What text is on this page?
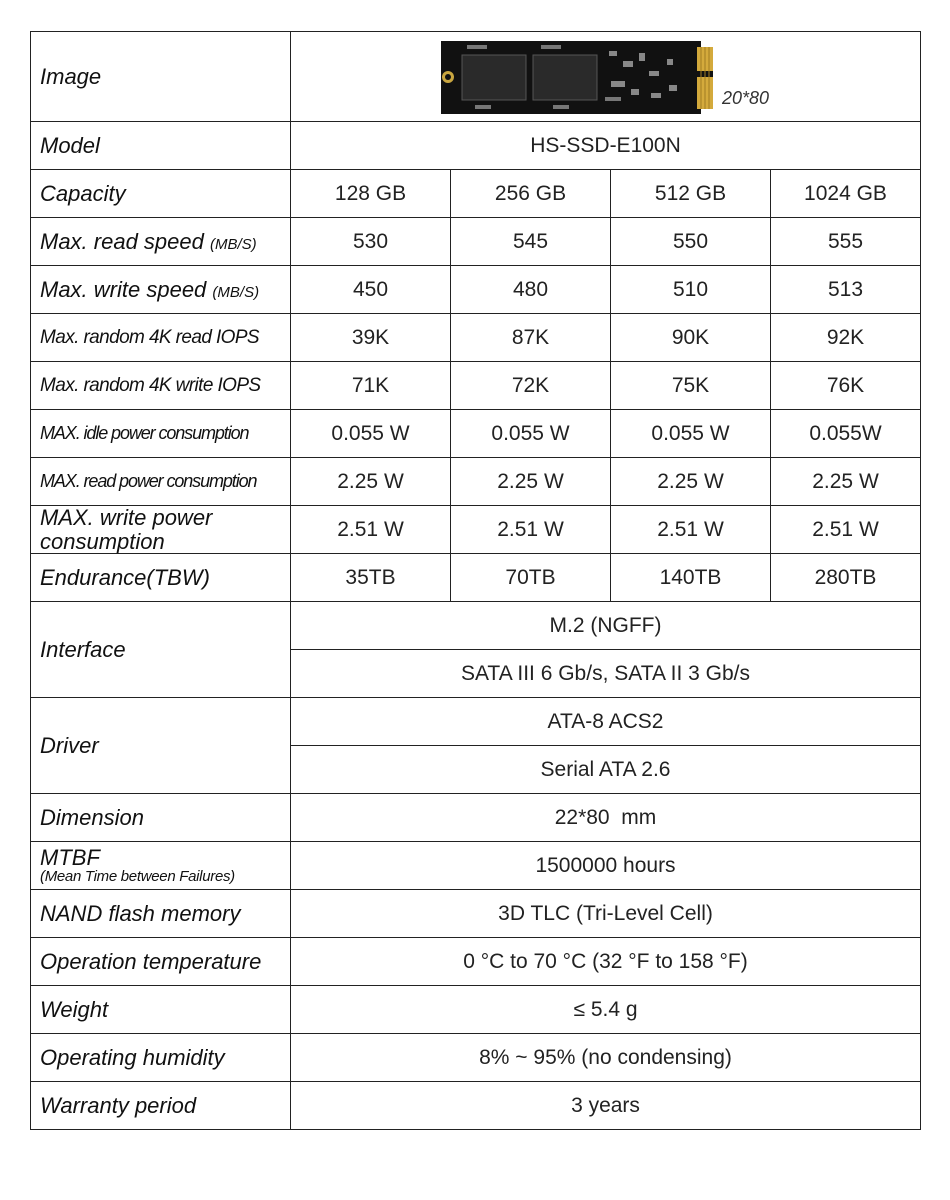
Image	20*80			

Model	HS-SSD-E100N			
Capacity	128 GB	256 GB	512 GB	1024 GB
Max. read speed (MB/S)	530	545	550	555
Max. write speed (MB/S)	450	480	510	513
Max. random 4K read IOPS	39K	87K	90K	92K
Max. random 4K write IOPS	71K	72K	75K	76K
MAX. idle power consumption	0.055 W	0.055 W	0.055 W	0.055W
MAX. read power consumption	2.25 W	2.25 W	2.25 W	2.25 W

MAX. write power
consumption	2.51 W	2.51 W	2.51 W	2.51 W
Endurance(TBW)	35TB	70TB	140TB	280TB
Interface	M.2 (NGFF)			
	SATA III 6 Gb/s, SATA II 3 Gb/s			
Driver	ATA-8 ACS2			
	Serial ATA 2.6			
Dimension	22*80  mm			

MTBF
(Mean Time between Failures)	1500000 hours			
NAND flash memory	3D TLC (Tri-Level Cell)			
Operation temperature	0 °C to 70 °C (32 °F to 158 °F)			
Weight	≤ 5.4 g			
Operating humidity	8% ~ 95% (no condensing)			
Warranty period	3 years			
